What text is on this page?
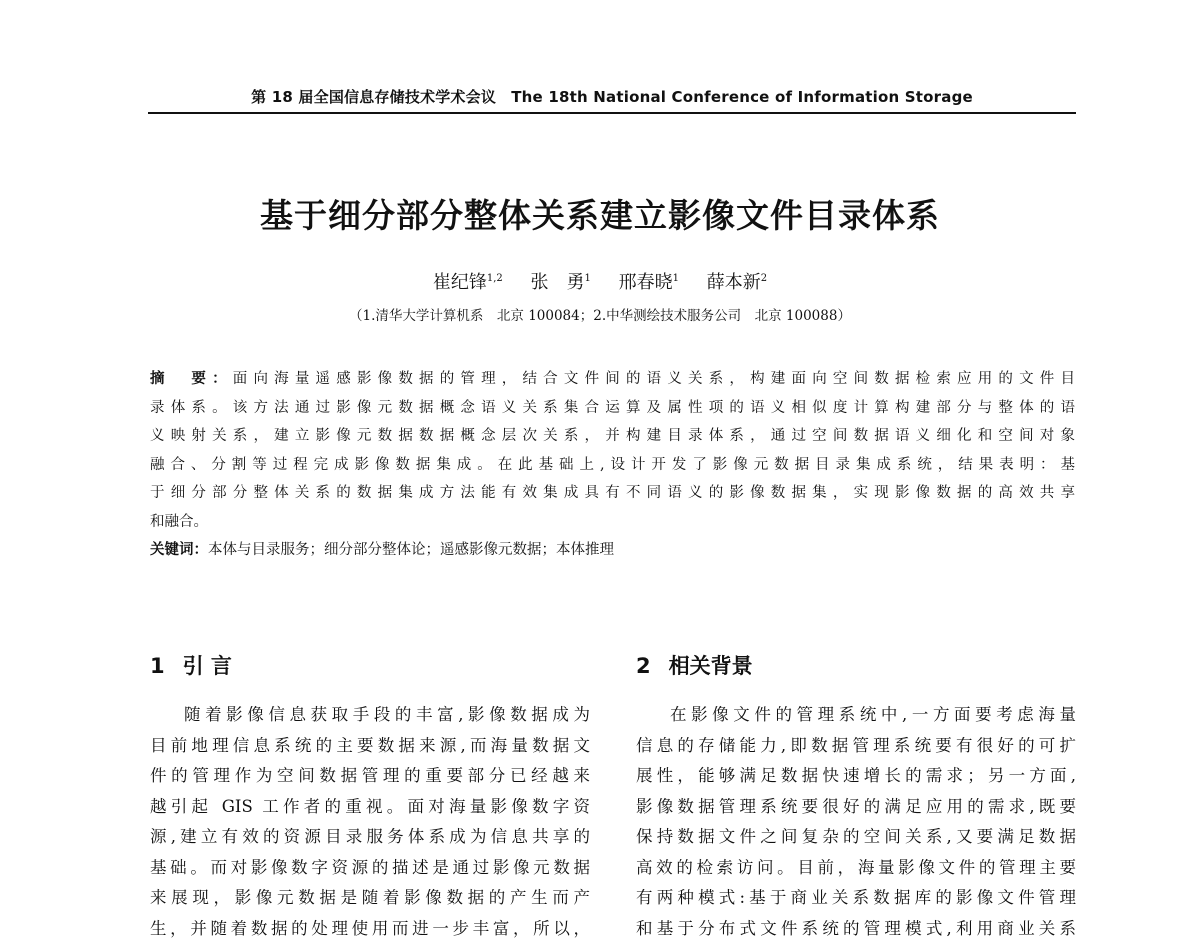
第 18 届全国信息存储技术学术会议　The 18th National Conference of Information Storage
基于细分部分整体关系建立影像文件目录体系
崔纪锋$^{1,2}$ 张　勇$^1$ 邢春晓$^1$ 薛本新$^2$
（1.清华大学计算机系　北京 100084；2.中华测绘技术服务公司　北京 100088）
摘　要：面向海量遥感影像数据的管理，结合文件间的语义关系，构建面向空间数据检索应用的文件目
录体系。该方法通过影像元数据概念语义关系集合运算及属性项的语义相似度计算构建部分与整体的语
义映射关系，建立影像元数据数据概念层次关系，并构建目录体系，通过空间数据语义细化和空间对象
融合、分割等过程完成影像数据集成。在此基础上,设计开发了影像元数据目录集成系统，结果表明：基
于细分部分整体关系的数据集成方法能有效集成具有不同语义的影像数据集，实现影像数据的高效共享
和融合。
关键词：本体与目录服务；细分部分整体论；遥感影像元数据；本体推理
1 引 言	2 相关背景
随着影像信息获取手段的丰富,影像数据成为
目前地理信息系统的主要数据来源,而海量数据文
件的管理作为空间数据管理的重要部分已经越来
越引起 GIS 工作者的重视。面对海量影像数字资
源,建立有效的资源目录服务体系成为信息共享的
基础。而对影像数字资源的描述是通过影像元数据
来展现，影像元数据是随着影像数据的产生而产
生，并随着数据的处理使用而进一步丰富，所以，
在影像文件的管理系统中,一方面要考虑海量
信息的存储能力,即数据管理系统要有很好的可扩
展性，能够满足数据快速增长的需求；另一方面,
影像数据管理系统要很好的满足应用的需求,既要
保持数据文件之间复杂的空间关系,又要满足数据
高效的检索访问。目前，海量影像文件的管理主要
有两种模式:基于商业关系数据库的影像文件管理
和基于分布式文件系统的管理模式,利用商业关系
